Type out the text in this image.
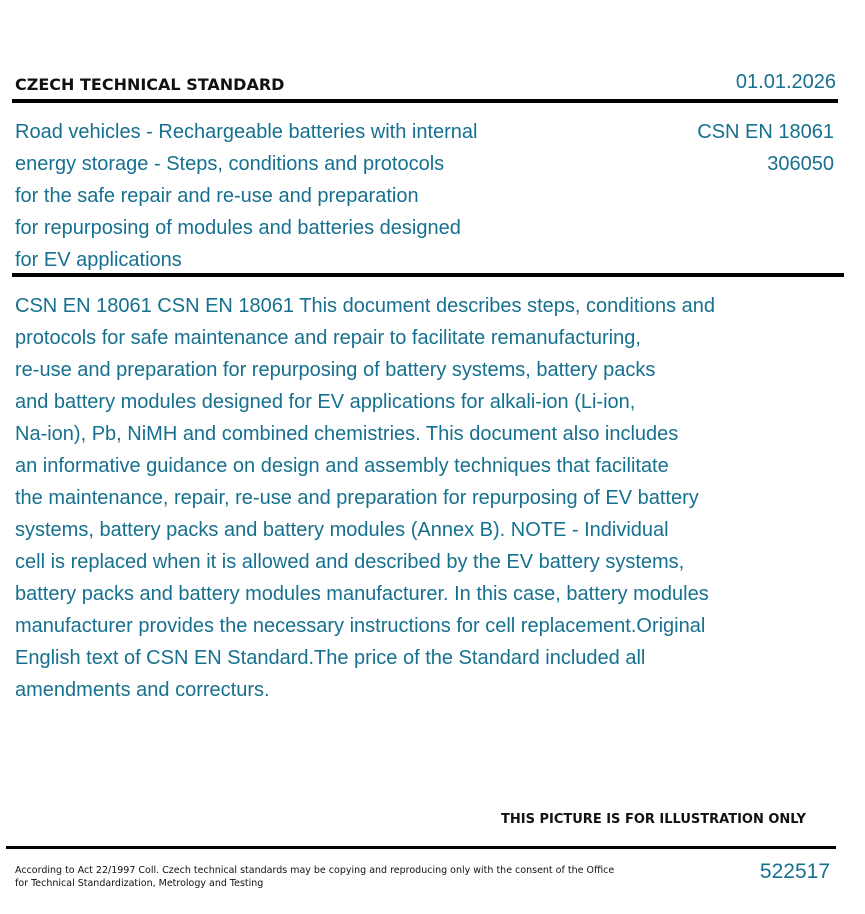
CZECH TECHNICAL STANDARD	01.01.2026
Road vehicles - Rechargeable batteries with internal
energy storage - Steps, conditions and protocols
for the safe repair and re-use and preparation
for repurposing of modules and batteries designed
for EV applications
CSN EN 18061
306050
CSN EN 18061 CSN EN 18061 This document describes steps, conditions and
protocols for safe maintenance and repair to facilitate remanufacturing,
re-use and preparation for repurposing of battery systems, battery packs
and battery modules designed for EV applications for alkali-ion (Li-ion,
Na-ion), Pb, NiMH and combined chemistries. This document also includes
an informative guidance on design and assembly techniques that facilitate
the maintenance, repair, re-use and preparation for repurposing of EV battery
systems, battery packs and battery modules (Annex B). NOTE - Individual
cell is replaced when it is allowed and described by the EV battery systems,
battery packs and battery modules manufacturer. In this case, battery modules
manufacturer provides the necessary instructions for cell replacement.Original
English text of CSN EN Standard.The price of the Standard included all
amendments and correcturs.
THIS PICTURE IS FOR ILLUSTRATION ONLY
According to Act 22/1997 Coll. Czech technical standards may be copying and reproducing only with the consent of the Office
for Technical Standardization, Metrology and Testing
522517
